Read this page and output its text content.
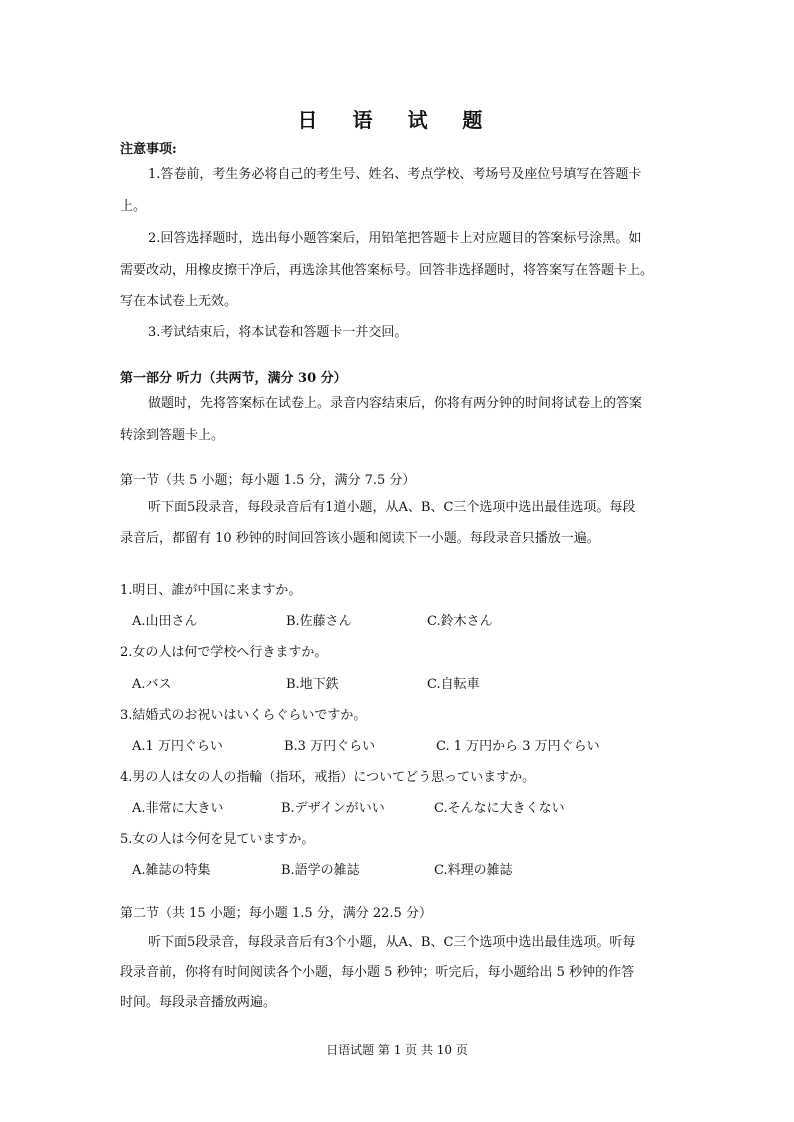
日 语 试 题
注意事项:
1.答卷前，考生务必将自己的考生号、姓名、考点学校、考场号及座位号填写在答题卡
上。
2.回答选择题时，选出每小题答案后，用铅笔把答题卡上对应题目的答案标号涂黑。如
需要改动，用橡皮擦干净后，再选涂其他答案标号。回答非选择题时，将答案写在答题卡上。
写在本试卷上无效。
3.考试结束后，将本试卷和答题卡一并交回。
第一部分 听力（共两节，满分 30 分）
做题时，先将答案标在试卷上。录音内容结束后，你将有两分钟的时间将试卷上的答案
转涂到答题卡上。
第一节（共 5 小题；每小题 1.5 分，满分 7.5 分）
听下面5段录音，每段录音后有1道小题，从A、B、C三个选项中选出最佳选项。每段
录音后，都留有 10 秒钟的时间回答该小题和阅读下一小题。每段录音只播放一遍。
1.明日、誰が中国に来ますか。
A.山田さん	B.佐藤さん	C.鈴木さん
2.女の人は何で学校へ行きますか。
A.バス	B.地下鉄	C.自転車
3.結婚式のお祝いはいくらぐらいですか。
A.1 万円ぐらい	B.3 万円ぐらい	C. 1 万円から 3 万円ぐらい
4.男の人は女の人の指輪（指环，戒指）についてどう思っていますか。
A.非常に大きい	B.デザインがいい	C.そんなに大きくない
5.女の人は今何を見ていますか。
A.雑誌の特集	B.語学の雑誌	C.料理の雑誌
第二节（共 15 小题；每小题 1.5 分，满分 22.5 分）
听下面5段录音，每段录音后有3个小题，从A、B、C三个选项中选出最佳选项。听每
段录音前，你将有时间阅读各个小题，每小题 5 秒钟；听完后，每小题给出 5 秒钟的作答
时间。每段录音播放两遍。
日语试题 第 1 页 共 10 页
